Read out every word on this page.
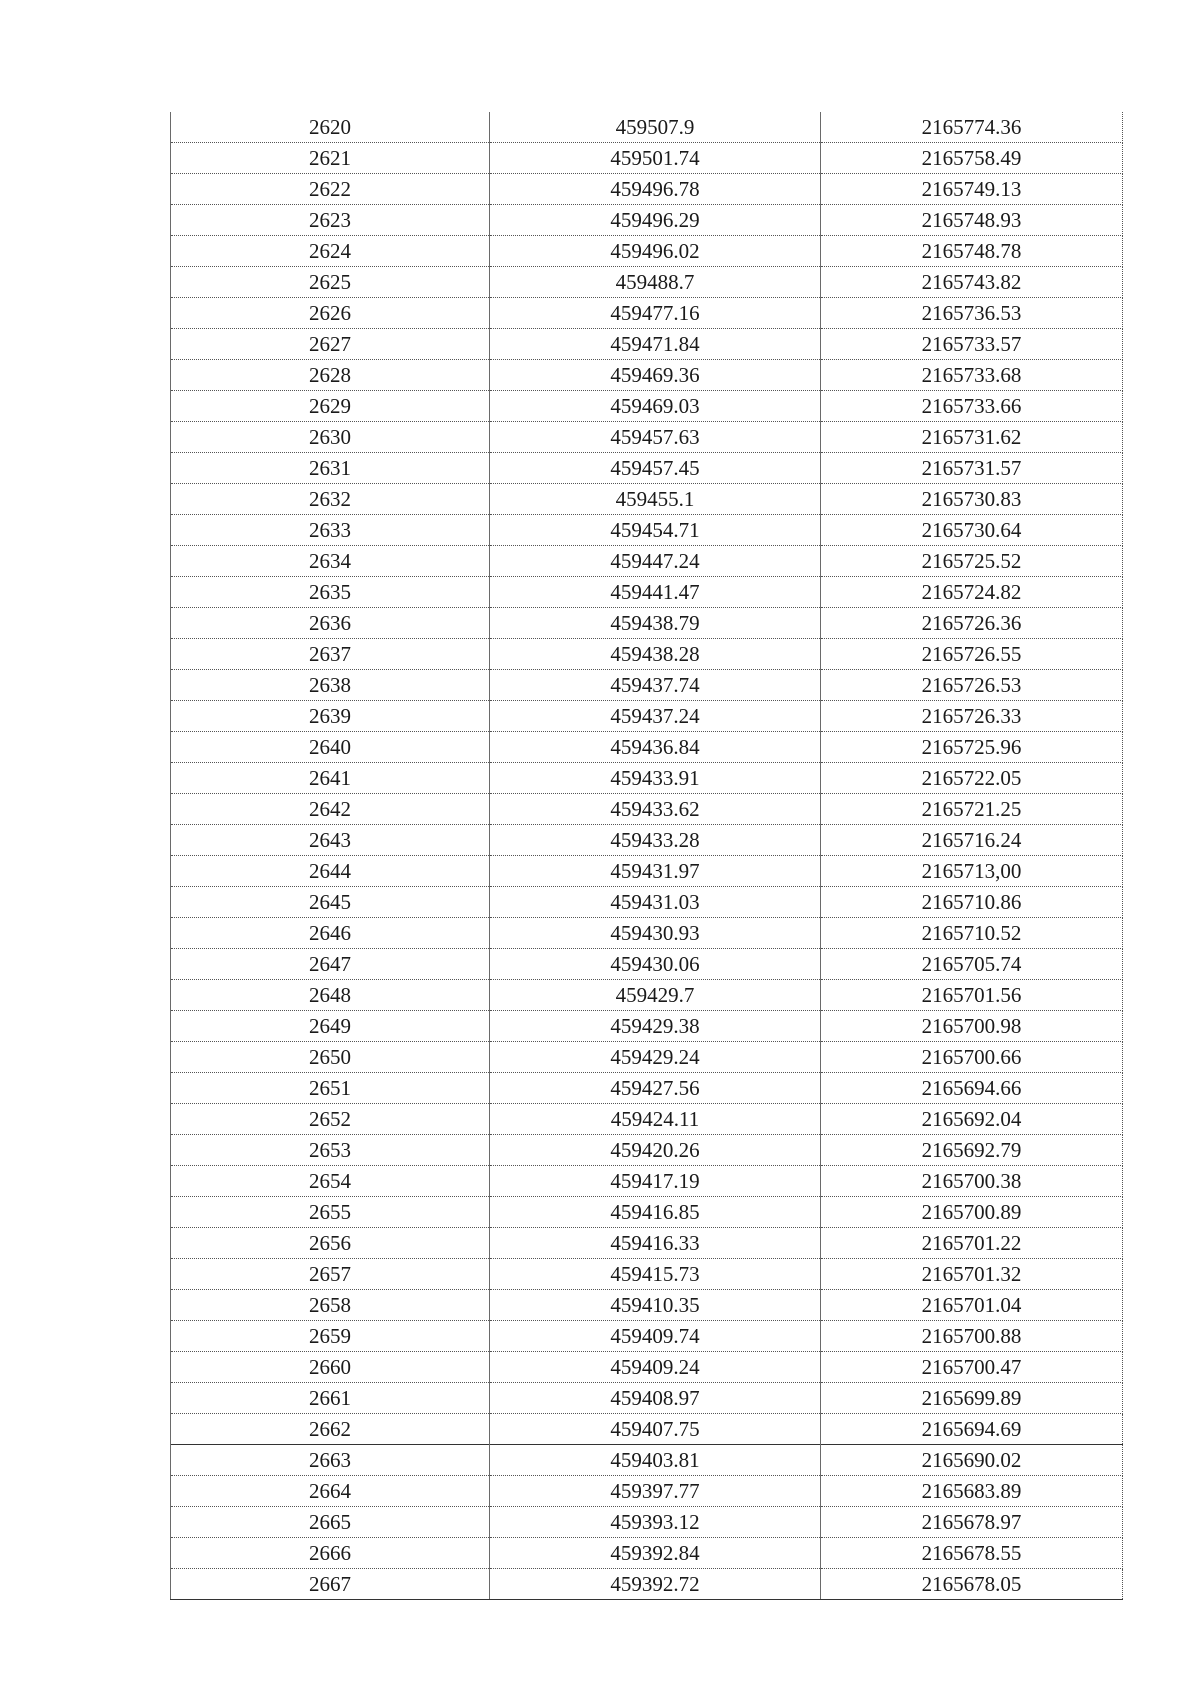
2620	459507.9	2165774.36
2621	459501.74	2165758.49
2622	459496.78	2165749.13
2623	459496.29	2165748.93
2624	459496.02	2165748.78
2625	459488.7	2165743.82
2626	459477.16	2165736.53
2627	459471.84	2165733.57
2628	459469.36	2165733.68
2629	459469.03	2165733.66
2630	459457.63	2165731.62
2631	459457.45	2165731.57
2632	459455.1	2165730.83
2633	459454.71	2165730.64
2634	459447.24	2165725.52
2635	459441.47	2165724.82
2636	459438.79	2165726.36
2637	459438.28	2165726.55
2638	459437.74	2165726.53
2639	459437.24	2165726.33
2640	459436.84	2165725.96
2641	459433.91	2165722.05
2642	459433.62	2165721.25
2643	459433.28	2165716.24
2644	459431.97	2165713,00
2645	459431.03	2165710.86
2646	459430.93	2165710.52
2647	459430.06	2165705.74
2648	459429.7	2165701.56
2649	459429.38	2165700.98
2650	459429.24	2165700.66
2651	459427.56	2165694.66
2652	459424.11	2165692.04
2653	459420.26	2165692.79
2654	459417.19	2165700.38
2655	459416.85	2165700.89
2656	459416.33	2165701.22
2657	459415.73	2165701.32
2658	459410.35	2165701.04
2659	459409.74	2165700.88
2660	459409.24	2165700.47
2661	459408.97	2165699.89
2662	459407.75	2165694.69
2663	459403.81	2165690.02
2664	459397.77	2165683.89
2665	459393.12	2165678.97
2666	459392.84	2165678.55
2667	459392.72	2165678.05
